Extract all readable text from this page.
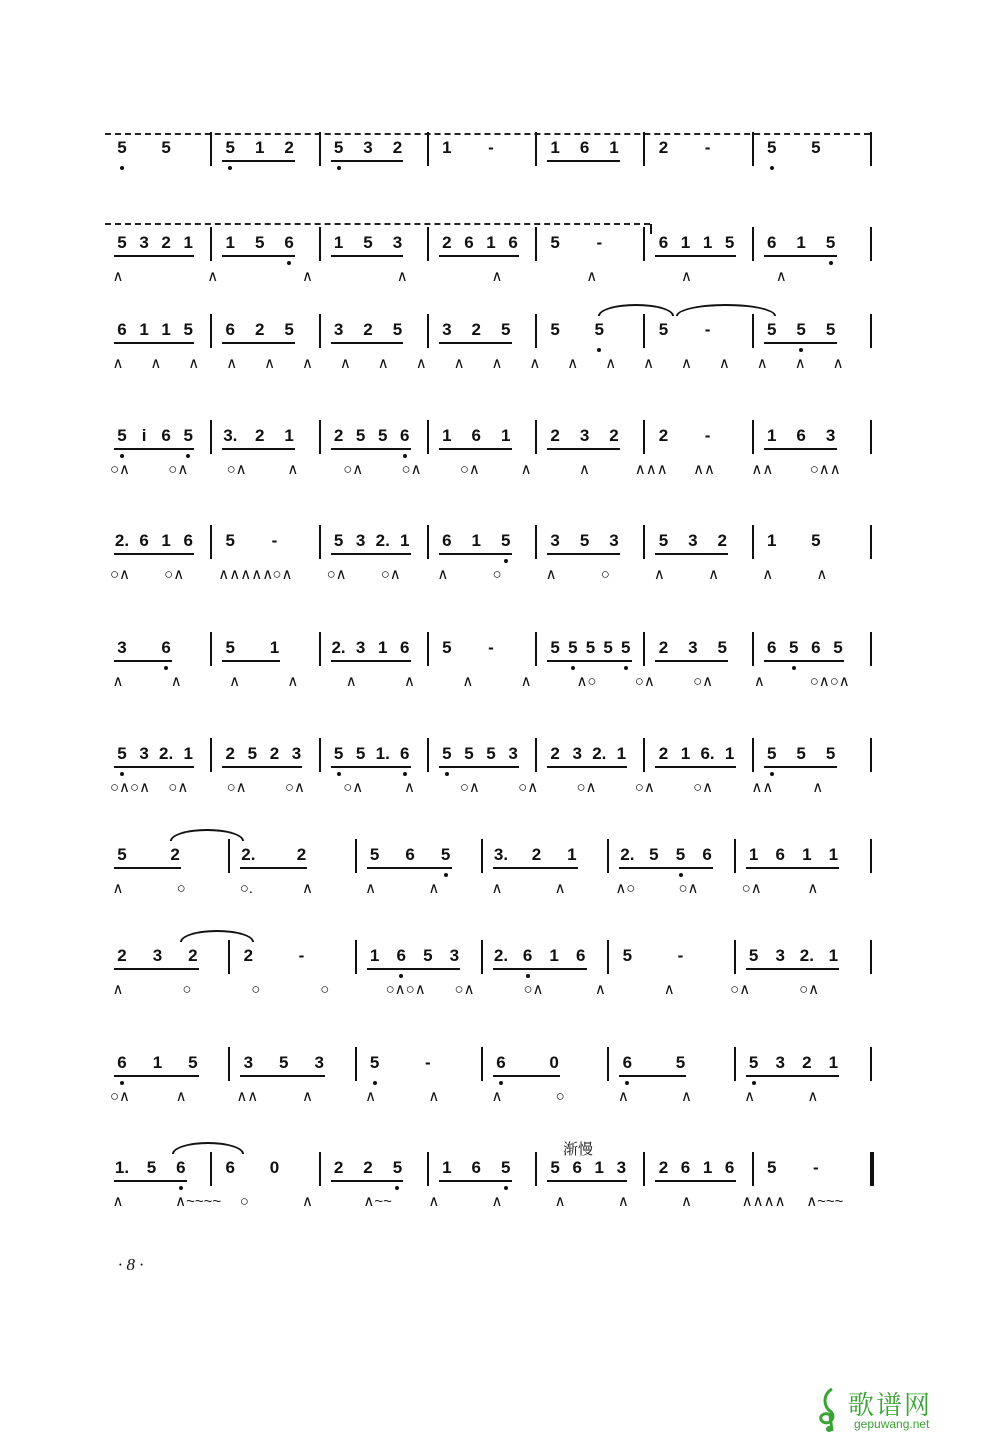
5 5	5 1 2 5 3 2 1	-	1 6 1 2	-	5 5
5 3 2 1 1 5 6 1 5 3 2 6 1 6 5	-	6 1 1 5 6 1 5
∧	∧	∧	∧	∧	∧	∧	∧
6 1 1 5 6 2 5 3 2 5 3 2 5 5 5	5	-	5 5 5
∧ ∧ ∧ ∧ ∧ ∧ ∧ ∧ ∧ ∧ ∧ ∧ ∧ ∧ ∧ ∧ ∧ ∧ ∧ ∧
5 i 6 5 3. 2 1 2 5 5 6 1 6 1 2 3 2 2	-	1 6 3
○∧	○∧	○∧	∧	○∧	○∧	○∧	∧	∧	∧∧∧ ∧∧ ∧∧ ○∧∧
2. 6 1 6 5	-	5 3 2. 1 6 1 5 3 5 3 5 3 2 1 5
○∧ ○∧ ∧∧∧∧∧ ○∧ ○∧ ○∧ ∧	○	∧	○	∧	∧	∧	∧
3 6	5 1	2. 3 1 6 5	-	5 5 5 5 5 2 3 5 6 5 6 5
∧	∧	∧	∧	∧	∧	∧	∧	∧○	○∧	○∧	∧	○∧○∧
5 3 2. 1 2 5 2 3 5 5 1. 6 5 5 5 3 2 3 2. 1 2 1 6. 1 5 5 5
○∧○∧ ○∧	○∧	○∧	○∧	∧	○∧	○∧	○∧	○∧	○∧	∧∧	∧
5	2	2. 2	5 6 5	3. 2 1	2. 5 5 6 1 6 1 1
∧	○	○.	∧	∧	∧	∧	∧	∧○	○∧	○∧	∧
2 3 2	2	-	1 6 5 3 2. 6 1 6 5	-	5 3 2. 1
∧	○	○	○	○∧○∧ ○∧	○∧	∧	∧	○∧	○∧
6 1 5	3 5 3	5	-	6	0	6	5	5 3 2 1
○∧	∧	∧∧	∧	∧	∧	∧	○	∧	∧	∧	∧
1. 5 6 6 0	2 2 5 1 6 5 5 6 1 3 2 6 1 6 5	-
∧	∧~~~~ ○	∧	∧~~ ∧	∧	∧	∧	∧	∧∧∧∧ ∧~~~
渐慢
· 8 ·
歌谱网
gepuwang.net
